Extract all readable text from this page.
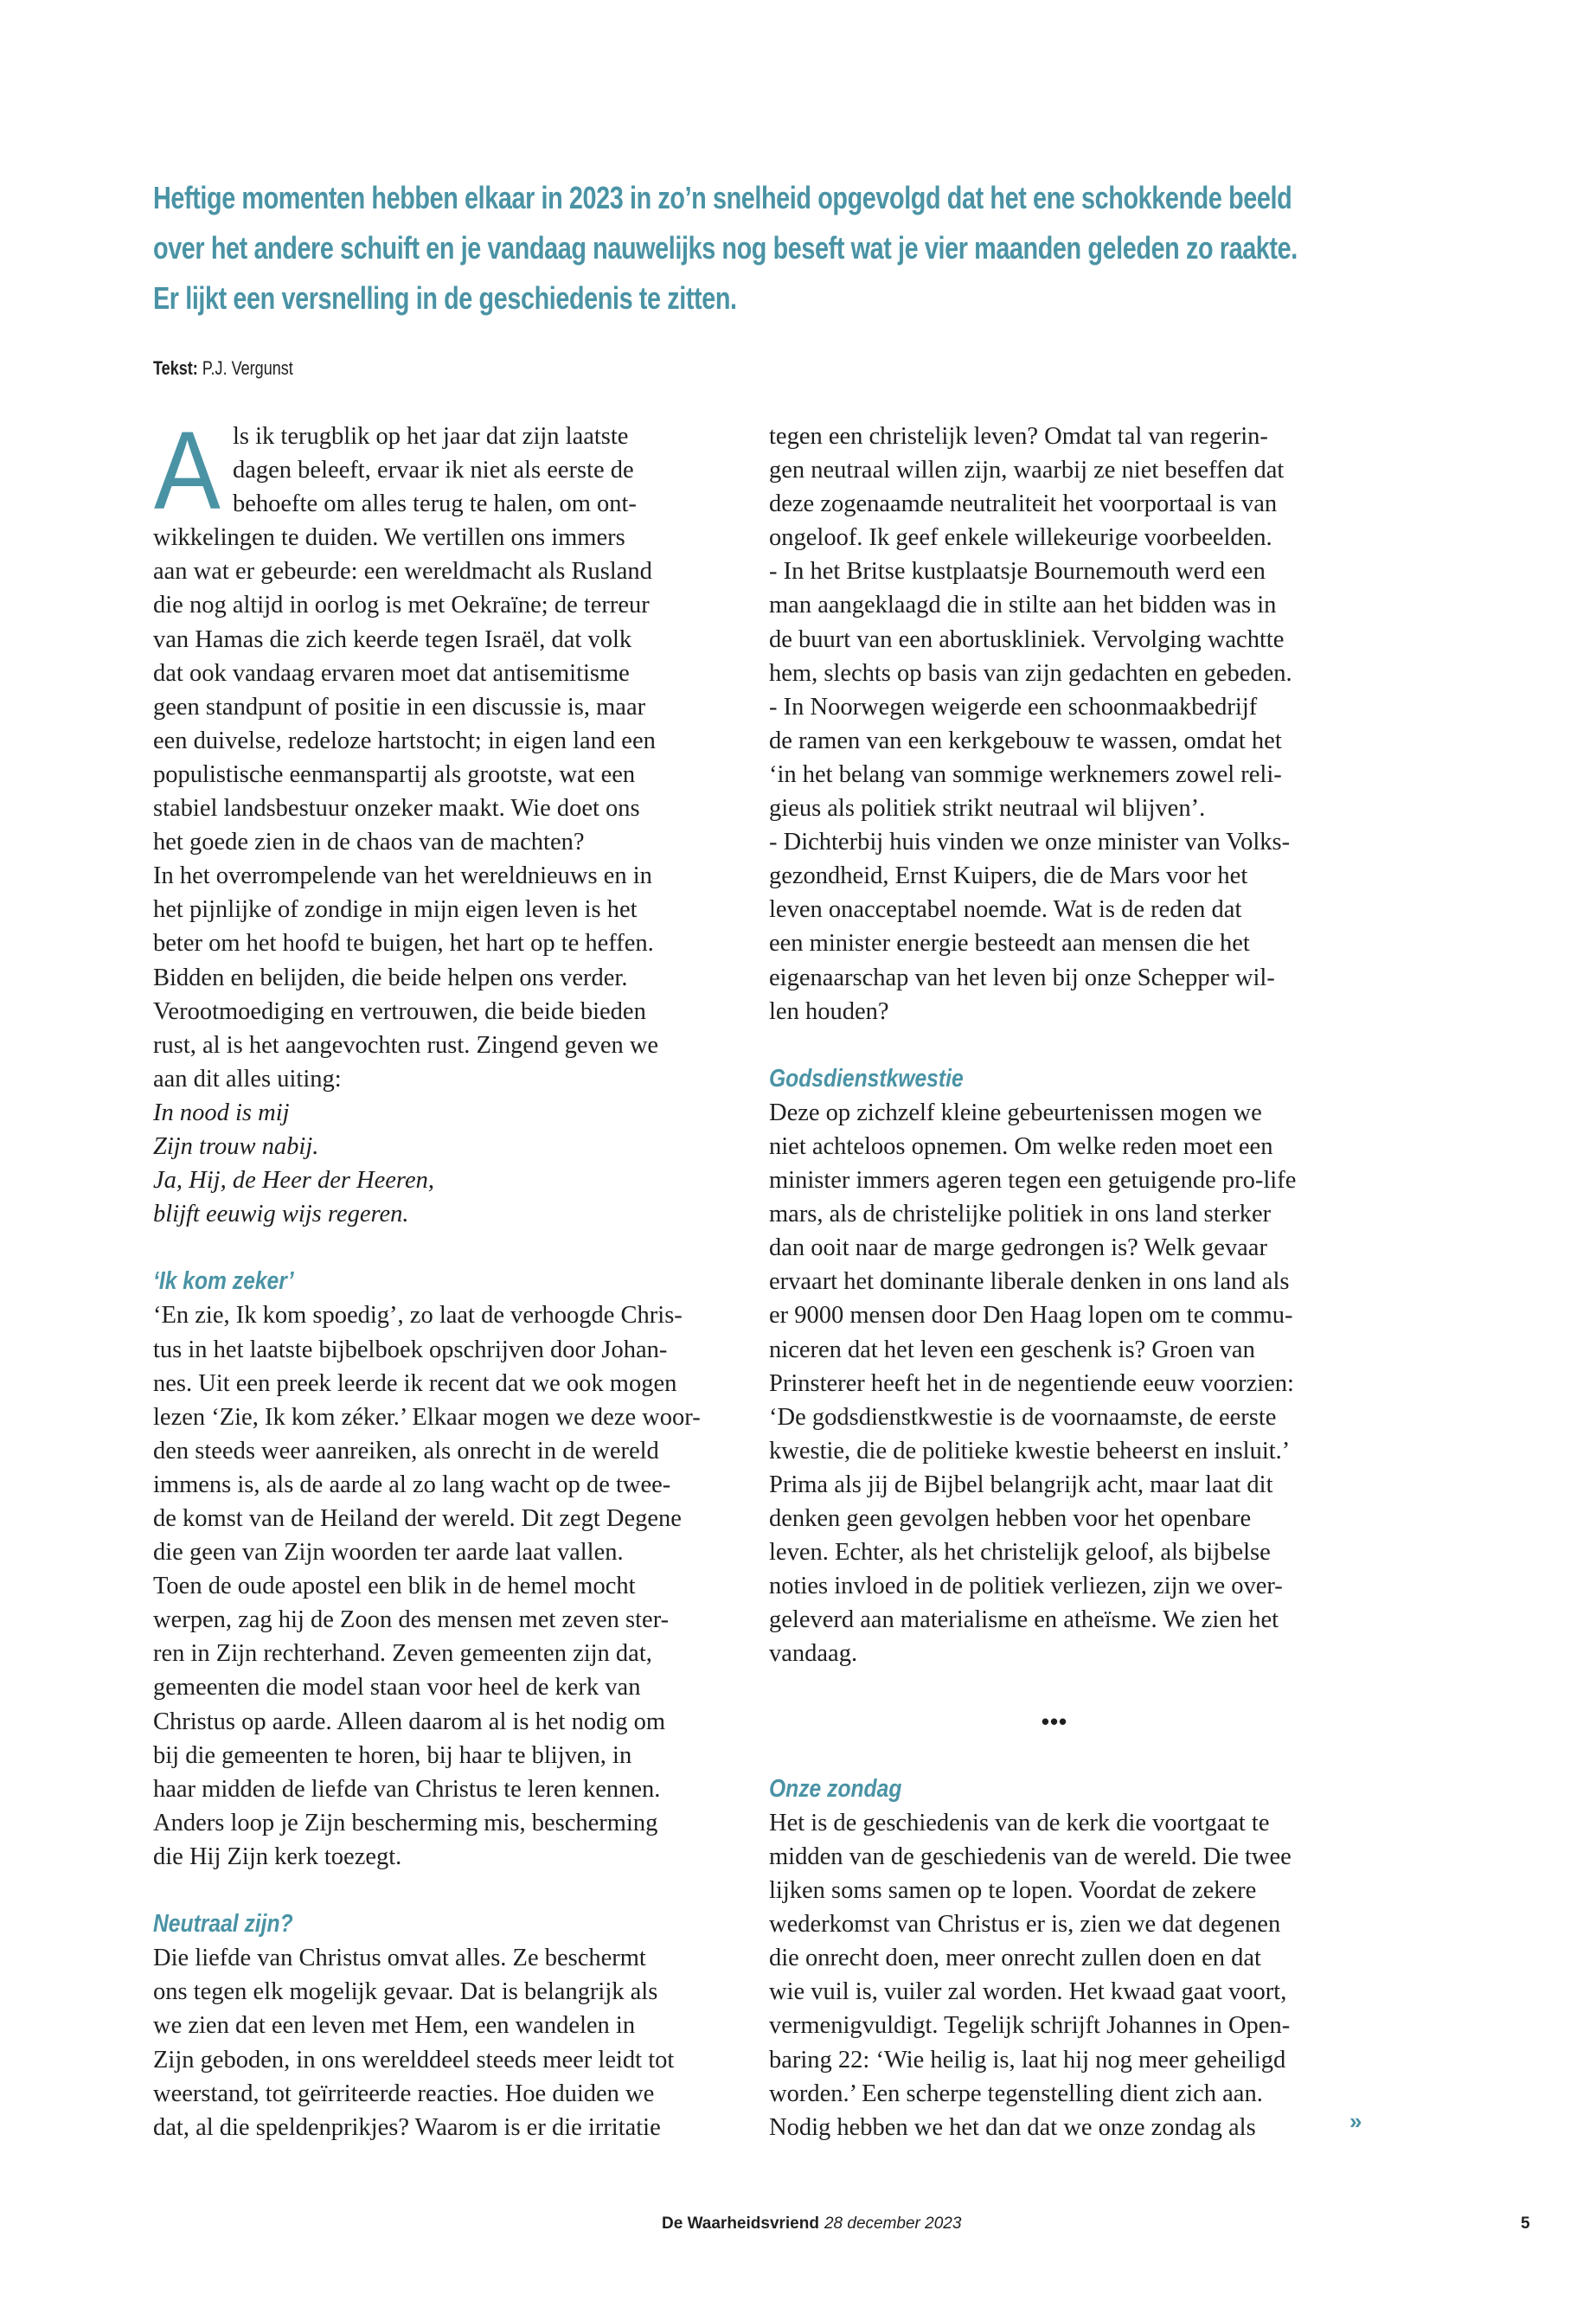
Heftige momenten hebben elkaar in 2023 in zo’n snelheid opgevolgd dat het ene schokkende beeld
over het andere schuift en je vandaag nauwelijks nog beseft wat je vier maanden geleden zo raakte.
Er lijkt een versnelling in de geschiedenis te zitten.
Tekst: P.J. Vergunst
A ls ik terugblik op het jaar dat zijn laatste
dagen beleeft, ervaar ik niet als eerste de
behoefte om alles terug te halen, om ont-
wikkelingen te duiden. We vertillen ons immers
aan wat er gebeurde: een wereldmacht als Rusland
die nog altijd in oorlog is met Oekraïne; de terreur
van Hamas die zich keerde tegen Israël, dat volk
dat ook vandaag ervaren moet dat antisemitisme
geen standpunt of positie in een discussie is, maar
een duivelse, redeloze hartstocht; in eigen land een
populistische eenmanspartij als grootste, wat een
stabiel landsbestuur onzeker maakt. Wie doet ons
het goede zien in de chaos van de machten?
In het overrompelende van het wereldnieuws en in
het pijnlijke of zondige in mijn eigen leven is het
beter om het hoofd te buigen, het hart op te heffen.
Bidden en belijden, die beide helpen ons verder.
Verootmoediging en vertrouwen, die beide bieden
rust, al is het aangevochten rust. Zingend geven we
aan dit alles uiting:
In nood is mij
Zijn trouw nabij.
Ja, Hij, de Heer der Heeren,
blijft eeuwig wijs regeren.
‘Ik kom zeker’
‘En zie, Ik kom spoedig’, zo laat de verhoogde Chris-
tus in het laatste bijbelboek opschrijven door Johan-
nes. Uit een preek leerde ik recent dat we ook mogen
lezen ‘Zie, Ik kom zéker.’ Elkaar mogen we deze woor-
den steeds weer aanreiken, als onrecht in de wereld
immens is, als de aarde al zo lang wacht op de twee-
de komst van de Heiland der wereld. Dit zegt Degene
die geen van Zijn woorden ter aarde laat vallen.
Toen de oude apostel een blik in de hemel mocht
werpen, zag hij de Zoon des mensen met zeven ster-
ren in Zijn rechterhand. Zeven gemeenten zijn dat,
gemeenten die model staan voor heel de kerk van
Christus op aarde. Alleen daarom al is het nodig om
bij die gemeenten te horen, bij haar te blijven, in
haar midden de liefde van Christus te leren kennen.
Anders loop je Zijn bescherming mis, bescherming
die Hij Zijn kerk toezegt.
Neutraal zijn?
Die liefde van Christus omvat alles. Ze beschermt
ons tegen elk mogelijk gevaar. Dat is belangrijk als
we zien dat een leven met Hem, een wandelen in
Zijn geboden, in ons werelddeel steeds meer leidt tot
weerstand, tot geïrriteerde reacties. Hoe duiden we
dat, al die speldenprikjes? Waarom is er die irritatie
tegen een christelijk leven? Omdat tal van regerin-
gen neutraal willen zijn, waarbij ze niet beseffen dat
deze zogenaamde neutraliteit het voorportaal is van
ongeloof. Ik geef enkele willekeurige voorbeelden.
- In het Britse kustplaatsje Bournemouth werd een
man aangeklaagd die in stilte aan het bidden was in
de buurt van een abortuskliniek. Vervolging wachtte
hem, slechts op basis van zijn gedachten en gebeden.
- In Noorwegen weigerde een schoonmaakbedrijf
de ramen van een kerkgebouw te wassen, omdat het
‘in het belang van sommige werknemers zowel reli-
gieus als politiek strikt neutraal wil blijven’.
- Dichterbij huis vinden we onze minister van Volks-
gezondheid, Ernst Kuipers, die de Mars voor het
leven onacceptabel noemde. Wat is de reden dat
een minister energie besteedt aan mensen die het
eigenaarschap van het leven bij onze Schepper wil-
len houden?
Godsdienstkwestie
Deze op zichzelf kleine gebeurtenissen mogen we
niet achteloos opnemen. Om welke reden moet een
minister immers ageren tegen een getuigende pro-life
mars, als de christelijke politiek in ons land sterker
dan ooit naar de marge gedrongen is? Welk gevaar
ervaart het dominante liberale denken in ons land als
er 9000 mensen door Den Haag lopen om te commu-
niceren dat het leven een geschenk is? Groen van
Prinsterer heeft het in de negentiende eeuw voorzien:
‘De godsdienstkwestie is de voornaamste, de eerste
kwestie, die de politieke kwestie beheerst en insluit.’
Prima als jij de Bijbel belangrijk acht, maar laat dit
denken geen gevolgen hebben voor het openbare
leven. Echter, als het christelijk geloof, als bijbelse
noties invloed in de politiek verliezen, zijn we over-
geleverd aan materialisme en atheïsme. We zien het
vandaag.
•••
Onze zondag
Het is de geschiedenis van de kerk die voortgaat te
midden van de geschiedenis van de wereld. Die twee
lijken soms samen op te lopen. Voordat de zekere
wederkomst van Christus er is, zien we dat degenen
die onrecht doen, meer onrecht zullen doen en dat
wie vuil is, vuiler zal worden. Het kwaad gaat voort,
vermenigvuldigt. Tegelijk schrijft Johannes in Open-
baring 22: ‘Wie heilig is, laat hij nog meer geheiligd
worden.’ Een scherpe tegenstelling dient zich aan.
Nodig hebben we het dan dat we onze zondag als	»
De Waarheidsvriend 28 december 2023	5
